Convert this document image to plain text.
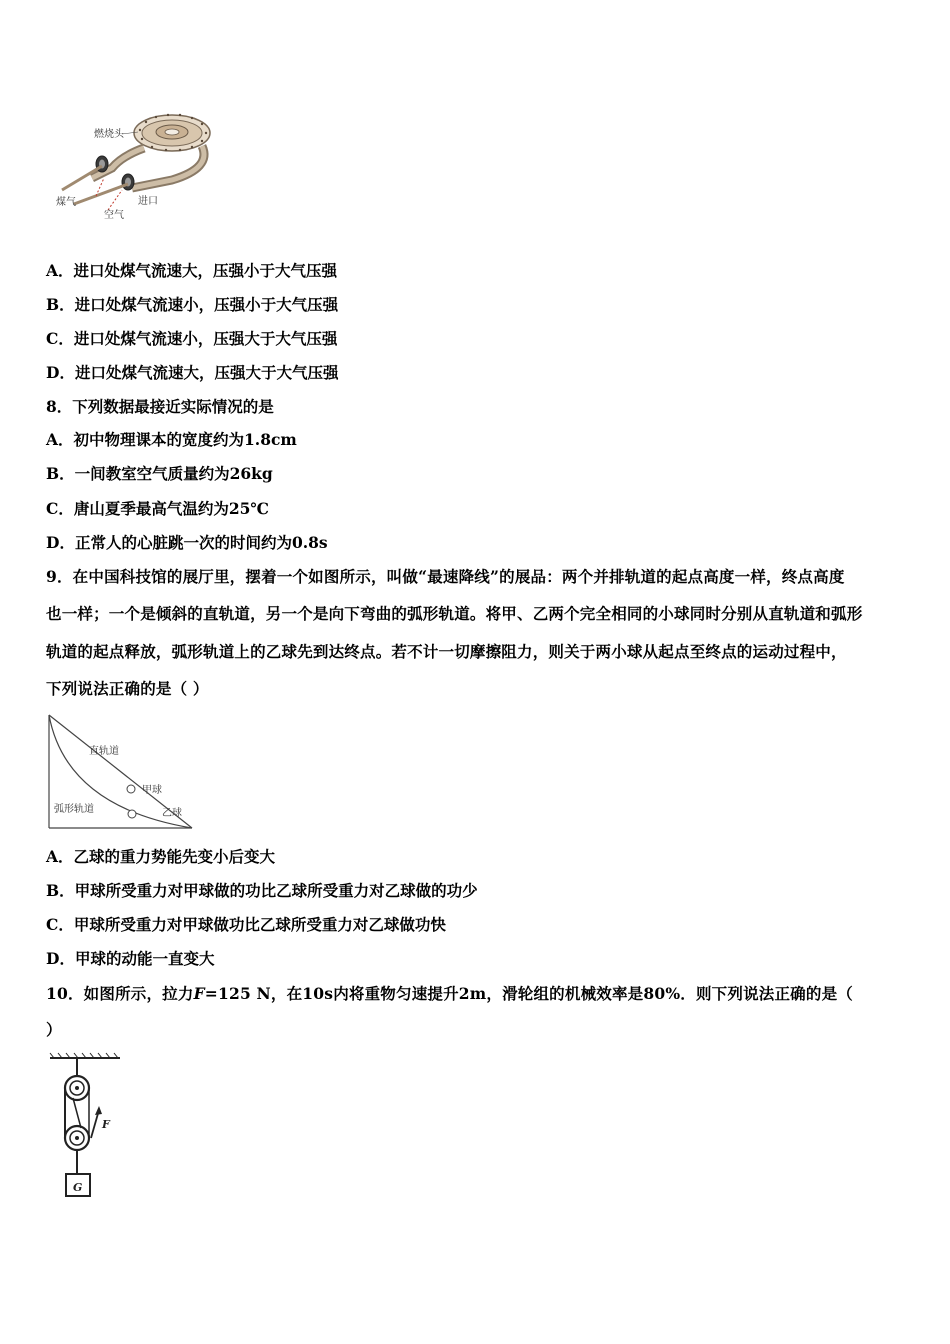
燃烧头
煤气	进口
空气
A．进口处煤气流速大，压强小于大气压强
B．进口处煤气流速小，压强小于大气压强
C．进口处煤气流速小，压强大于大气压强
D．进口处煤气流速大，压强大于大气压强
8．下列数据最接近实际情况的是
A．初中物理课本的宽度约为1.8cm
B．一间教室空气质量约为26kg
C．唐山夏季最高气温约为25℃
D．正常人的心脏跳一次的时间约为0.8s
9．在中国科技馆的展厅里，摆着一个如图所示，叫做“最速降线”的展品：两个并排轨道的起点高度一样，终点高度
也一样；一个是倾斜的直轨道，另一个是向下弯曲的弧形轨道。将甲、乙两个完全相同的小球同时分别从直轨道和弧形
轨道的起点释放，弧形轨道上的乙球先到达终点。若不计一切摩擦阻力，则关于两小球从起点至终点的运动过程中，
下列说法正确的是（ ）
直轨道
甲球
弧形轨道	乙球
A．乙球的重力势能先变小后变大
B．甲球所受重力对甲球做的功比乙球所受重力对乙球做的功少
C．甲球所受重力对甲球做功比乙球所受重力对乙球做功快
D．甲球的动能一直变大
10．如图所示，拉力F=125 N，在10s内将重物匀速提升2m，滑轮组的机械效率是80%．则下列说法正确的是（
）
F
G
